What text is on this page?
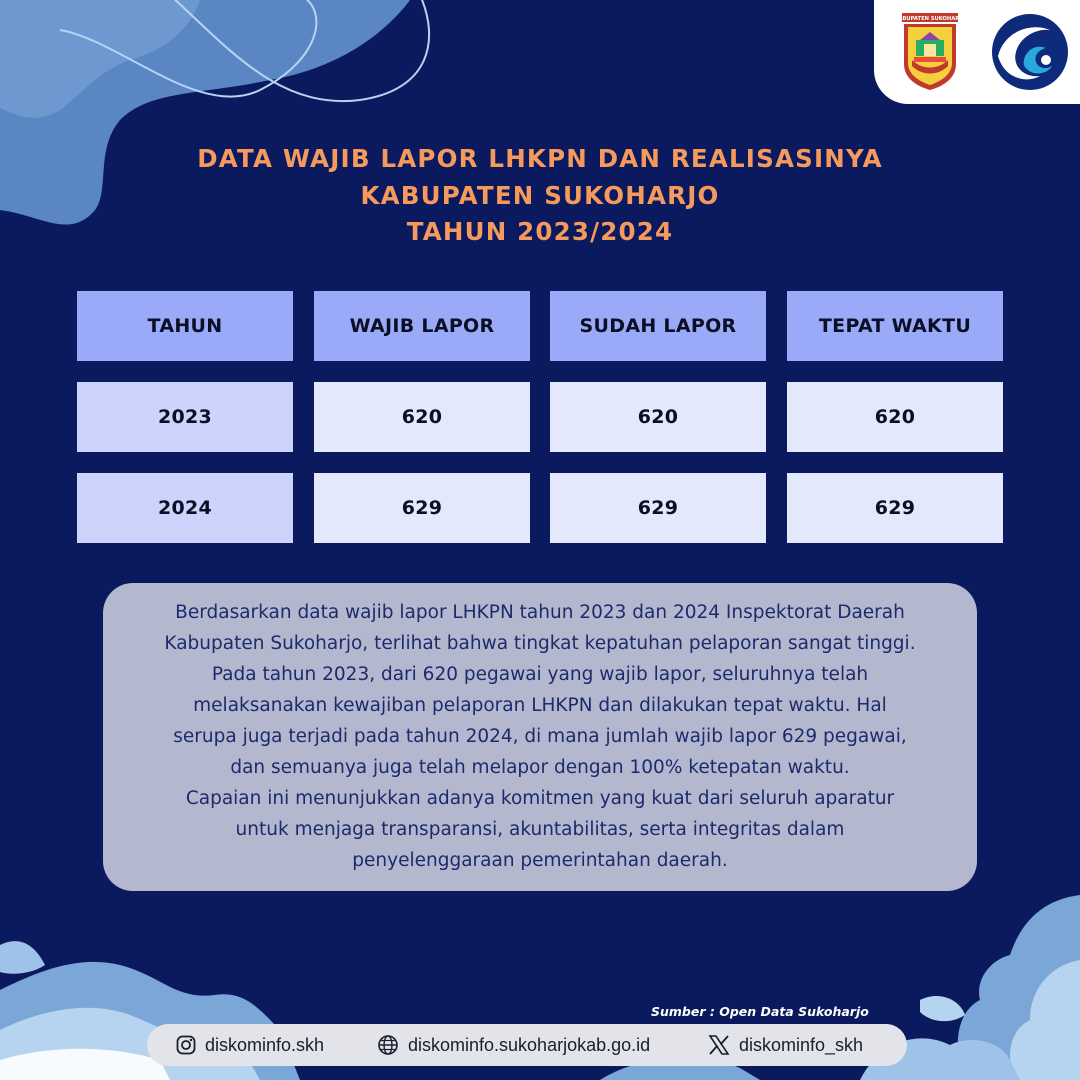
KABUPATEN SUKOHARJO
DATA WAJIB LAPOR LHKPN DAN REALISASINYA
KABUPATEN SUKOHARJO
TAHUN 2023/2024
TAHUN	WAJIB LAPOR	SUDAH LAPOR	TEPAT WAKTU
2023	620	620	620
2024	629	629	629
Berdasarkan data wajib lapor LHKPN tahun 2023 dan 2024 Inspektorat Daerah
Kabupaten Sukoharjo, terlihat bahwa tingkat kepatuhan pelaporan sangat tinggi.
Pada tahun 2023, dari 620 pegawai yang wajib lapor, seluruhnya telah
melaksanakan kewajiban pelaporan LHKPN dan dilakukan tepat waktu. Hal
serupa juga terjadi pada tahun 2024, di mana jumlah wajib lapor 629 pegawai,
dan semuanya juga telah melapor dengan 100% ketepatan waktu.
Capaian ini menunjukkan adanya komitmen yang kuat dari seluruh aparatur
untuk menjaga transparansi, akuntabilitas, serta integritas dalam
penyelenggaraan pemerintahan daerah.
Sumber : Open Data Sukoharjo
diskominfo.skh	diskominfo.sukoharjokab.go.id	diskominfo_skh
